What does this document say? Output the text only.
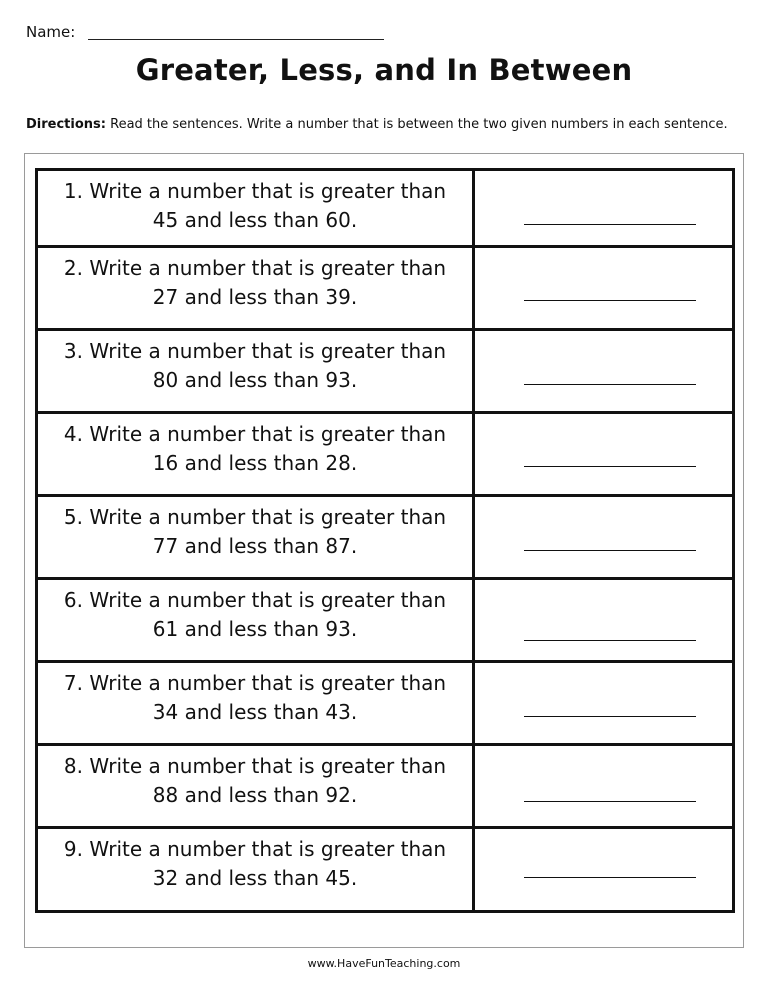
Name:
Greater, Less, and In Between
Directions: Read the sentences. Write a number that is between the two given numbers in each sentence.
1. Write a number that is greater than
45 and less than 60.
2. Write a number that is greater than
27 and less than 39.
3. Write a number that is greater than
80 and less than 93.
4. Write a number that is greater than
16 and less than 28.
5. Write a number that is greater than
77 and less than 87.
6. Write a number that is greater than
61 and less than 93.
7. Write a number that is greater than
34 and less than 43.
8. Write a number that is greater than
88 and less than 92.
9. Write a number that is greater than
32 and less than 45.
www.HaveFunTeaching.com
